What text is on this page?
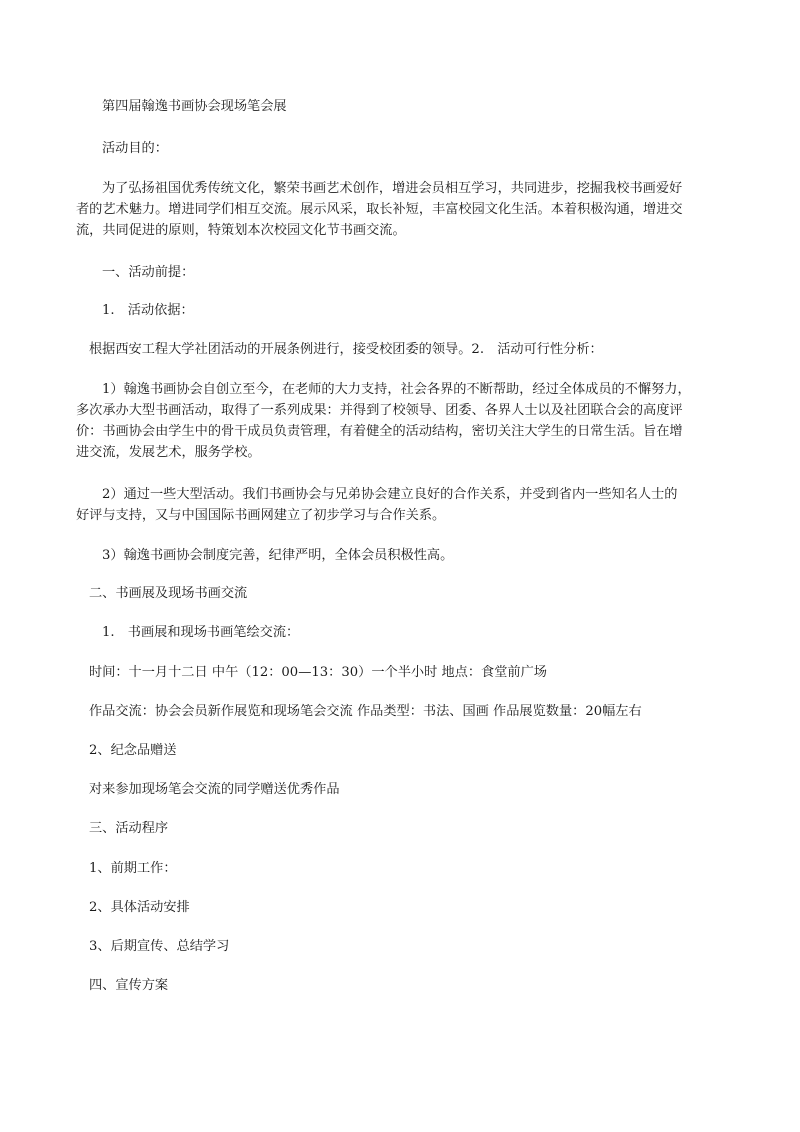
第四届翰逸书画协会现场笔会展

活动目的：

为了弘扬祖国优秀传统文化，繁荣书画艺术创作，增进会员相互学习，共同进步，挖掘我校书画爱好
者的艺术魅力。增进同学们相互交流。展示风采，取长补短，丰富校园文化生活。本着积极沟通，增进交
流，共同促进的原则，特策划本次校园文化节书画交流。

一、活动前提：

1.　活动依据：

根据西安工程大学社团活动的开展条例进行，接受校团委的领导。2.　活动可行性分析：

1）翰逸书画协会自创立至今，在老师的大力支持，社会各界的不断帮助，经过全体成员的不懈努力，
多次承办大型书画活动，取得了一系列成果：并得到了校领导、团委、各界人士以及社团联合会的高度评
价：书画协会由学生中的骨干成员负责管理，有着健全的活动结构，密切关注大学生的日常生活。旨在增
进交流，发展艺术，服务学校。
2）通过一些大型活动。我们书画协会与兄弟协会建立良好的合作关系，并受到省内一些知名人士的
好评与支持，又与中国国际书画网建立了初步学习与合作关系。

3）翰逸书画协会制度完善，纪律严明，全体会员积极性高。

二、书画展及现场书画交流

1.　书画展和现场书画笔绘交流：

时间：十一月十二日 中午（12：00—13：30）一个半小时 地点：食堂前广场

作品交流：协会会员新作展览和现场笔会交流 作品类型：书法、国画 作品展览数量：20幅左右

2、纪念品赠送

对来参加现场笔会交流的同学赠送优秀作品

三、活动程序

1、前期工作：

2、具体活动安排

3、后期宣传、总结学习

四、宣传方案
